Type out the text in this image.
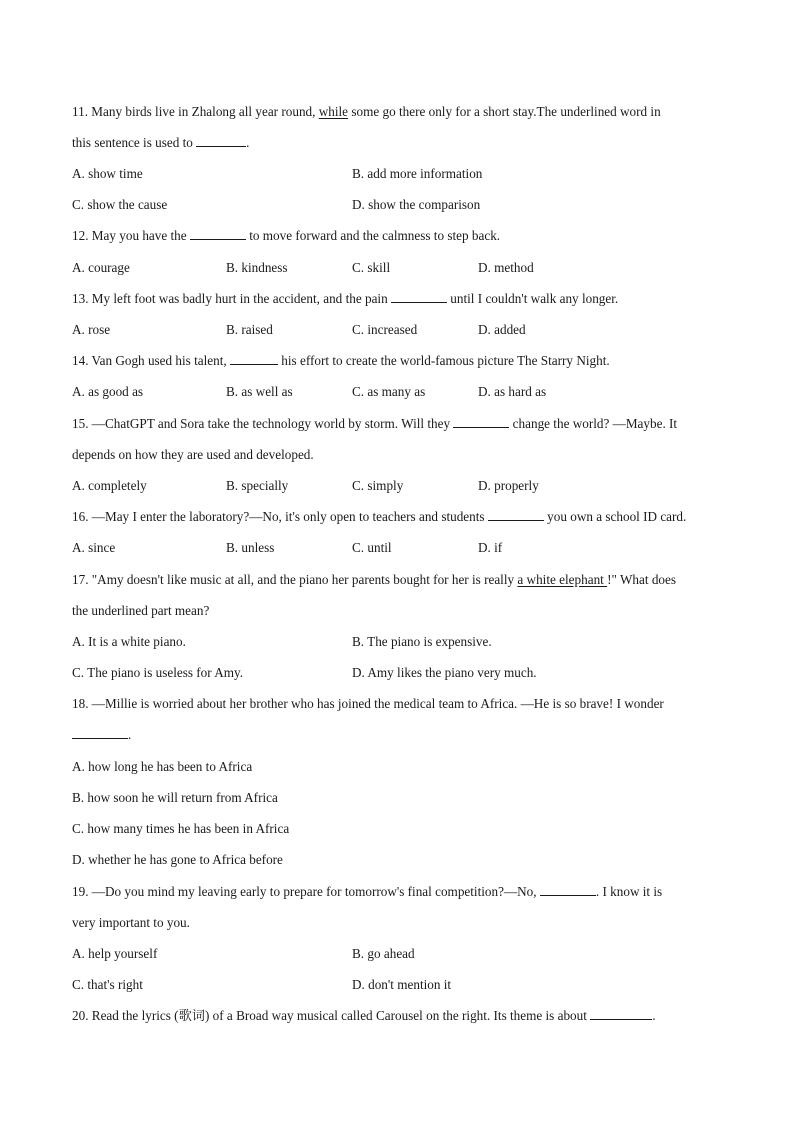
11. Many birds live in Zhalong all year round, while some go there only for a short stay.The underlined word in
this sentence is used to	.
A. show time	B. add more information
C. show the cause	D. show the comparison
12. May you have the	to move forward and the calmness to step back.
A. courage	B. kindness	C. skill	D. method
13. My left foot was badly hurt in the accident, and the pain	until I couldn't walk any longer.
A. rose	B. raised	C. increased	D. added
14. Van Gogh used his talent,	his effort to create the world-famous picture The Starry Night.
A. as good as	B. as well as	C. as many as	D. as hard as
15. —ChatGPT and Sora take the technology world by storm. Will they	change the world? —Maybe. It
depends on how they are used and developed.
A. completely	B. specially	C. simply	D. properly
16. —May I enter the laboratory?—No, it's only open to teachers and students	you own a school ID card.
A. since	B. unless	C. until	D. if
17. "Amy doesn't like music at all, and the piano her parents bought for her is really a white elephant !" What does
the underlined part mean?
A. It is a white piano.	B. The piano is expensive.
C. The piano is useless for Amy.	D. Amy likes the piano very much.
18. —Millie is worried about her brother who has joined the medical team to Africa. —He is so brave! I wonder
.
A. how long he has been to Africa
B. how soon he will return from Africa
C. how many times he has been in Africa
D. whether he has gone to Africa before
19. —Do you mind my leaving early to prepare for tomorrow's final competition?—No,	. I know it is
very important to you.
A. help yourself	B. go ahead
C. that's right	D. don't mention it
20. Read the lyrics (歌词) of a Broad way musical called Carousel on the right. Its theme is about	.
